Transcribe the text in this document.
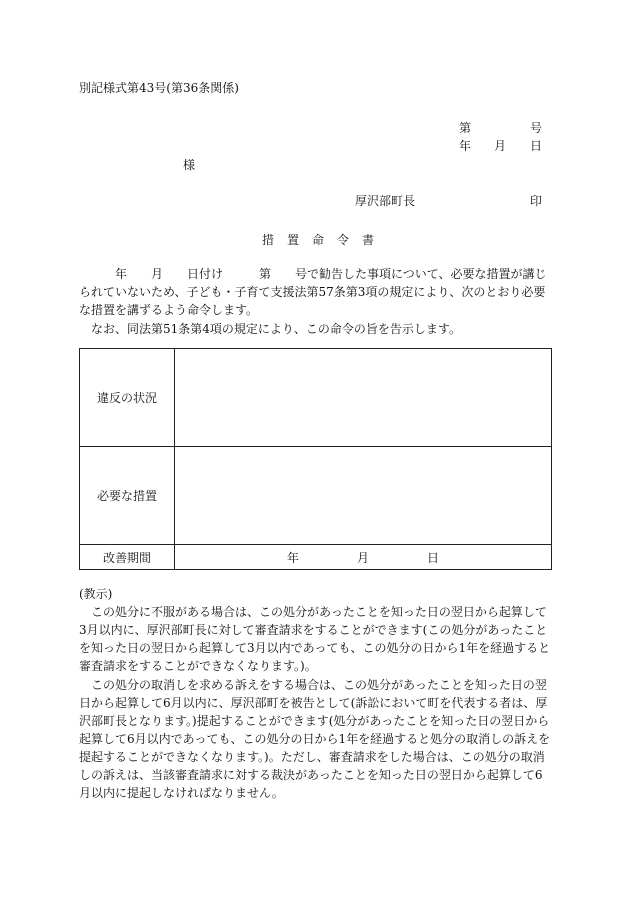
別記様式第43号(第36条関係)
第	号
年 月 日
様
厚沢部町長	印
措置命令書

　　　年　　月　　日付け　　　第　　号で勧告した事項について、必要な措置が講じられていないため、子ども・子育て支援法第57条第3項の規定により、次のとおり必要な措置を講ずるよう命令します。

　なお、同法第51条第4項の規定により、この命令の旨を告示します。

違反の状況	
必要な措置	
改善期間	年 月 日
(教示)

　この処分に不服がある場合は、この処分があったことを知った日の翌日から起算して3月以内に、厚沢部町長に対して審査請求をすることができます(この処分があったことを知った日の翌日から起算して3月以内であっても、この処分の日から1年を経過すると審査請求をすることができなくなります。)。

　この処分の取消しを求める訴えをする場合は、この処分があったことを知った日の翌日から起算して6月以内に、厚沢部町を被告として(訴訟において町を代表する者は、厚沢部町長となります。)提起することができます(処分があったことを知った日の翌日から起算して6月以内であっても、この処分の日から1年を経過すると処分の取消しの訴えを提起することができなくなります。)。ただし、審査請求をした場合は、この処分の取消しの訴えは、当該審査請求に対する裁決があったことを知った日の翌日から起算して6月以内に提起しなければなりません。
